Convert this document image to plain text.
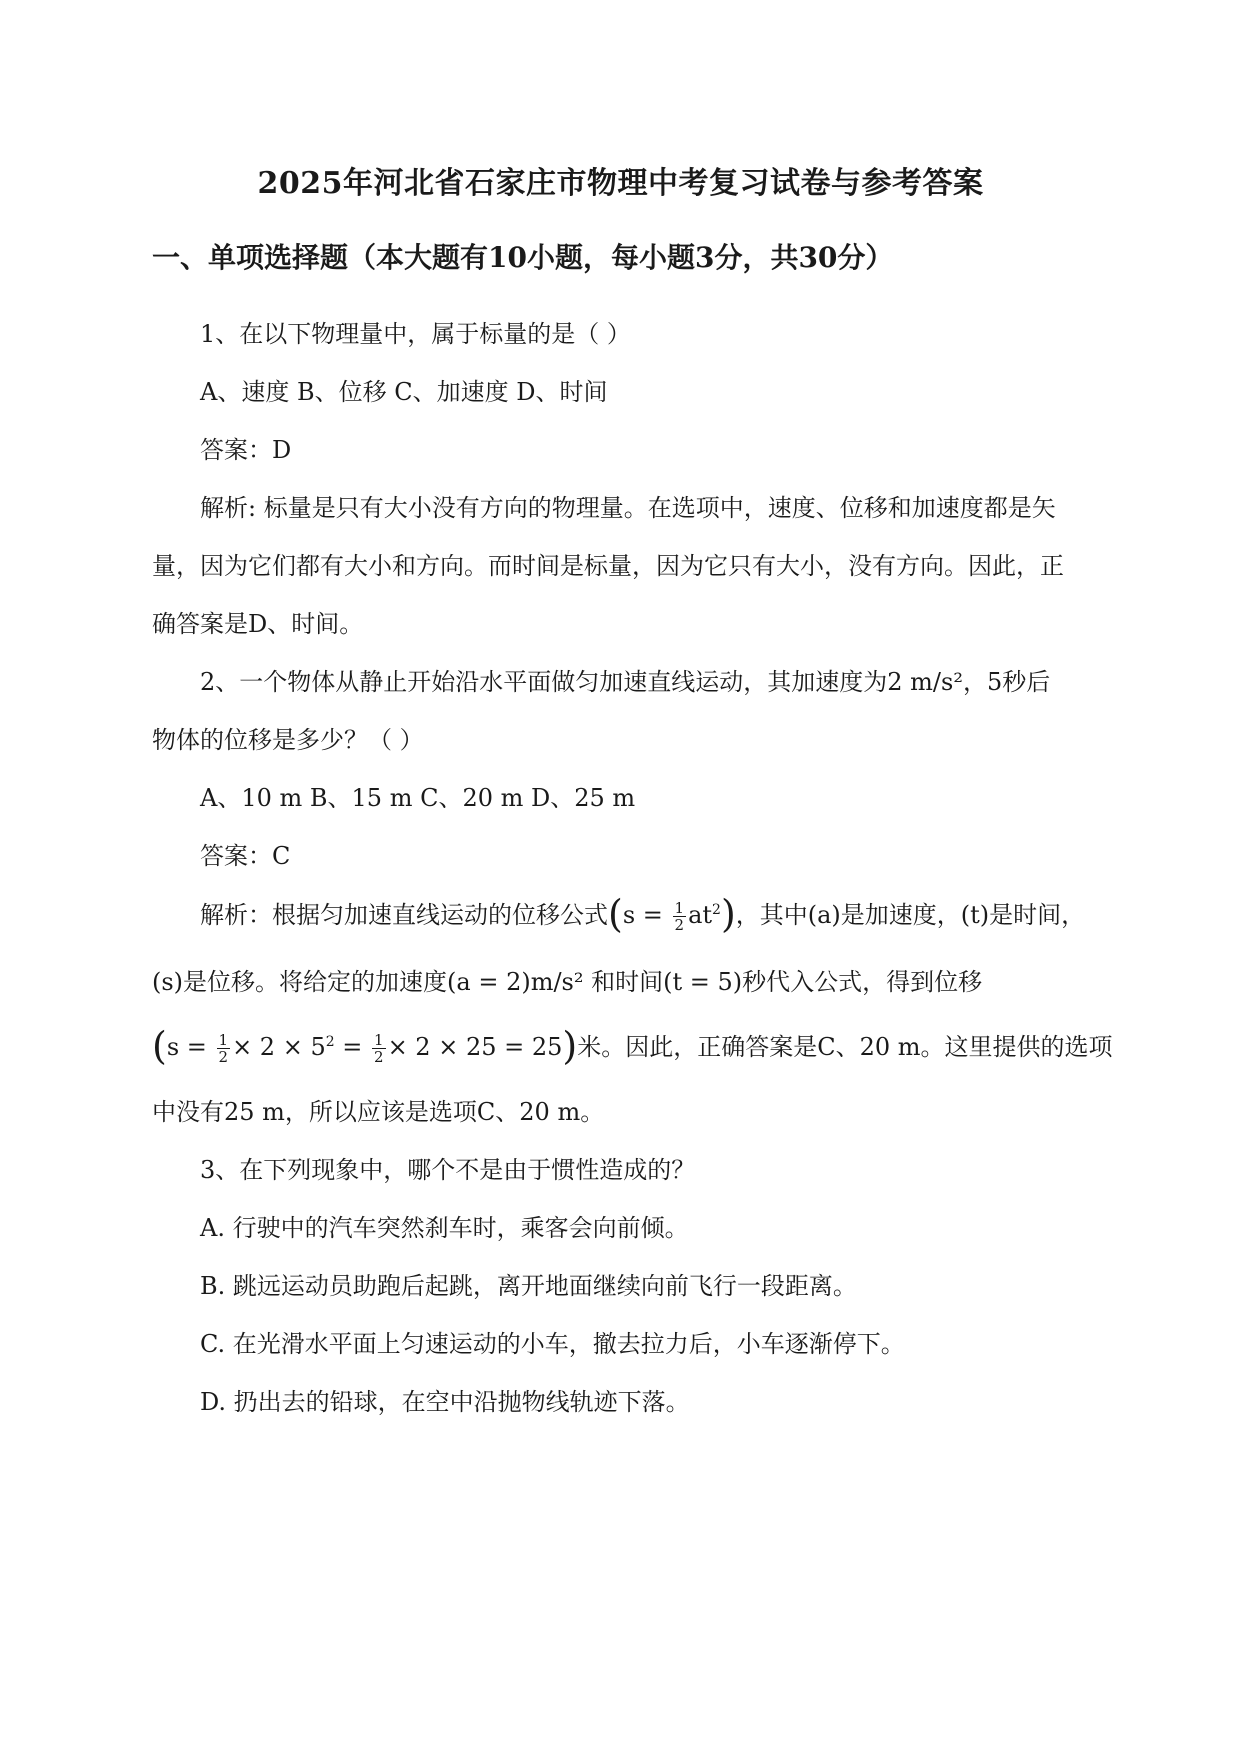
2025年河北省石家庄市物理中考复习试卷与参考答案
一、单项选择题（本大题有10小题，每小题3分，共30分）
1、在以下物理量中，属于标量的是（ ）
A、速度 B、位移 C、加速度 D、时间
答案：D
解析: 标量是只有大小没有方向的物理量。在选项中，速度、位移和加速度都是矢
量，因为它们都有大小和方向。而时间是标量，因为它只有大小，没有方向。因此，正
确答案是D、时间。
2、一个物体从静止开始沿水平面做匀加速直线运动，其加速度为2 m/s²，5秒后
物体的位移是多少？（ ）
A、10 m B、15 m C、20 m D、25 m
答案：C
解析：根据匀加速直线运动的位移公式$(s = \frac{1}{2} at^2)$，其中(a)是加速度，(t)是时间，
(s)是位移。将给定的加速度(a = 2)m/s² 和时间(t = 5)秒代入公式，得到位移
$(s = \frac{1}{2} \times 2 \times 5^2 = \frac{1}{2} \times 2 \times 25 = 25)$米。因此，正确答案是C、20 m。这里提供的选项
中没有25 m，所以应该是选项C、20 m。
3、在下列现象中，哪个不是由于惯性造成的？
A. 行驶中的汽车突然刹车时，乘客会向前倾。
B. 跳远运动员助跑后起跳，离开地面继续向前飞行一段距离。
C. 在光滑水平面上匀速运动的小车，撤去拉力后，小车逐渐停下。
D. 扔出去的铅球，在空中沿抛物线轨迹下落。
